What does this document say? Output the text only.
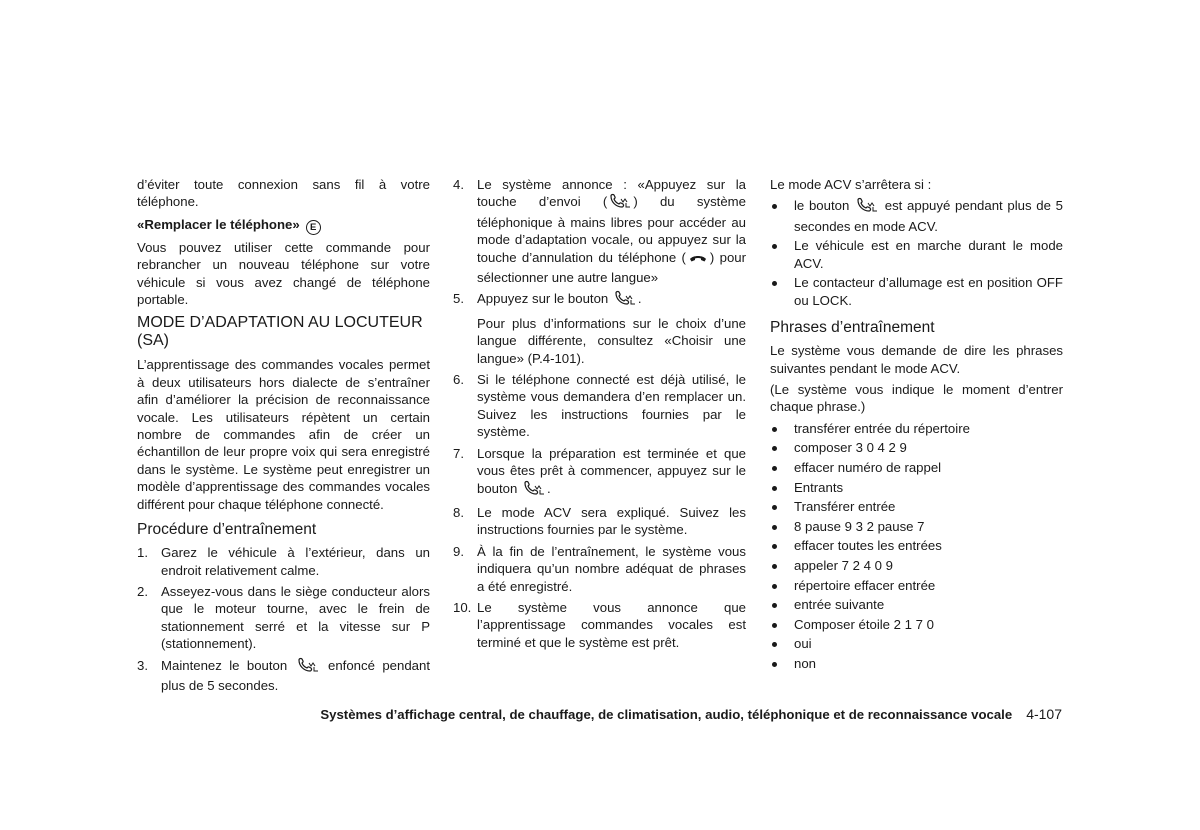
d’éviter toute connexion sans fil à votre téléphone.

«Remplacer le téléphone» E

Vous pouvez utiliser cette commande pour rebrancher un nouveau téléphone sur votre véhicule si vous avez changé de téléphone portable.

MODE D’ADAPTATION AU LOCUTEUR (SA)

L’apprentissage des commandes vocales permet à deux utilisateurs hors dialecte de s’entraîner afin d’améliorer la précision de reconnaissance vocale. Les utilisateurs répètent un certain nombre de commandes afin de créer un échantillon de leur propre voix qui sera enregistré dans le système. Le système peut enregistrer un modèle d’apprentissage des commandes vocales différent pour chaque téléphone connecté.

Procédure d’entraînement
1. Garez le véhicule à l’extérieur, dans un endroit relativement calme.
2. Asseyez-vous dans le siège conducteur alors que le moteur tourne, avec le frein de stationnement serré et la vitesse sur P (stationnement).
3. Maintenez le bouton	enfoncé pendant plus de 5 secondes.
4. Le système annonce : «Appuyez sur la touche d’envoi ( ) du système téléphonique à mains libres pour accéder au mode d’adaptation vocale, ou appuyez sur la touche d’annulation du téléphone ( ) pour sélectionner une autre langue»
5. Appuyez sur le bouton .

Pour plus d’informations sur le choix d’une langue différente, consultez «Choisir une langue» (P.4-101).

6. Si le téléphone connecté est déjà utilisé, le système vous demandera d’en remplacer un. Suivez les instructions fournies par le système.
7. Lorsque la préparation est terminée et que vous êtes prêt à commencer, appuyez sur le bouton .
8. Le mode ACV sera expliqué. Suivez les instructions fournies par le système.
9. À la fin de l’entraînement, le système vous indiquera qu’un nombre adéquat de phrases a été enregistré.
10. Le système vous annonce que l’apprentissage commandes vocales est terminé et que le système est prêt.

Le mode ACV s’arrêtera si :

le bouton	est appuyé pendant plus de 5 secondes en mode ACV.
Le véhicule est en marche durant le mode ACV.
Le contacteur d’allumage est en position OFF ou LOCK.
Phrases d’entraînement

Le système vous demande de dire les phrases suivantes pendant le mode ACV.

(Le système vous indique le moment d’entrer chaque phrase.)

transférer entrée du répertoire
composer 3 0 4 2 9
effacer numéro de rappel
Entrants
Transférer entrée
8 pause 9 3 2 pause 7
effacer toutes les entrées
appeler 7 2 4 0 9
répertoire effacer entrée
entrée suivante
Composer étoile 2 1 7 0
oui
non
Systèmes d’affichage central, de chauffage, de climatisation, audio, téléphonique et de reconnaissance vocale 4-107
